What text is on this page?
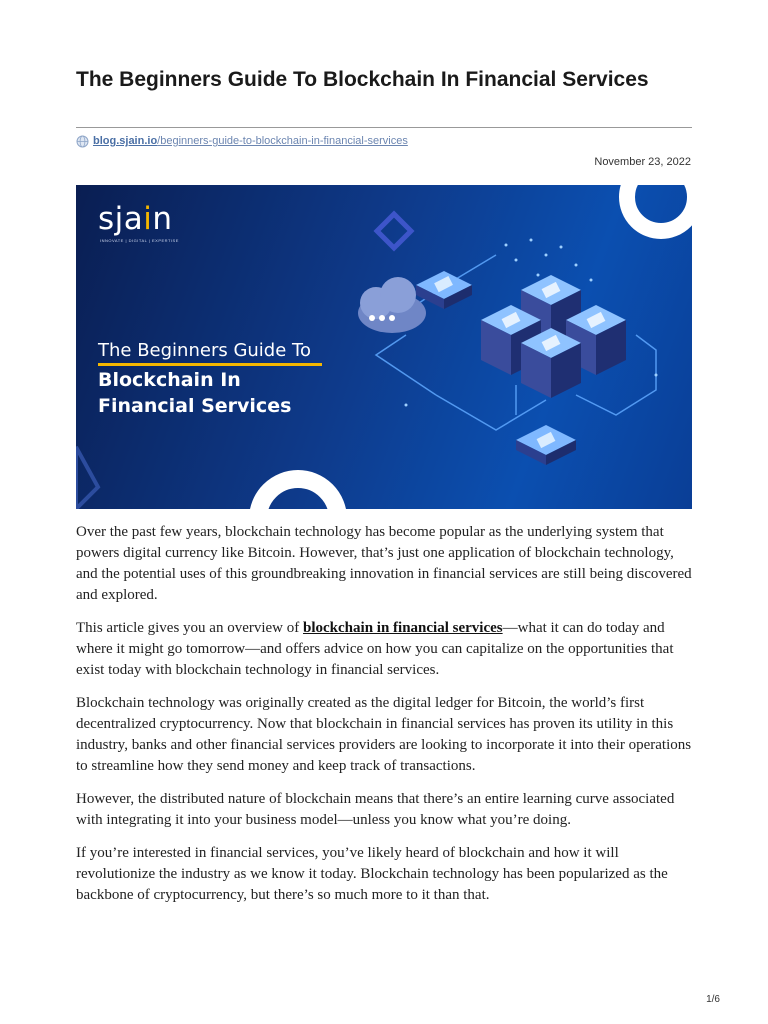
The Beginners Guide To Blockchain In Financial Services
blog.sjain.io/beginners-guide-to-blockchain-in-financial-services
November 23, 2022
sjain
INNOVATE | DIGITAL | EXPERTISE
The Beginners Guide To
Blockchain In
Financial Services

Over the past few years, blockchain technology has become popular as the underlying system that powers digital currency like Bitcoin. However, that’s just one application of blockchain technology, and the potential uses of this groundbreaking innovation in financial services are still being discovered and explored.

This article gives you an overview of blockchain in financial services—what it can do today and where it might go tomorrow—and offers advice on how you can capitalize on the opportunities that exist today with blockchain technology in financial services.

Blockchain technology was originally created as the digital ledger for Bitcoin, the world’s first decentralized cryptocurrency. Now that blockchain in financial services has proven its utility in this industry, banks and other financial services providers are looking to incorporate it into their operations to streamline how they send money and keep track of transactions.

However, the distributed nature of blockchain means that there’s an entire learning curve associated with integrating it into your business model—unless you know what you’re doing.

If you’re interested in financial services, you’ve likely heard of blockchain and how it will revolutionize the industry as we know it today. Blockchain technology has been popularized as the backbone of cryptocurrency, but there’s so much more to it than that.

1/6
